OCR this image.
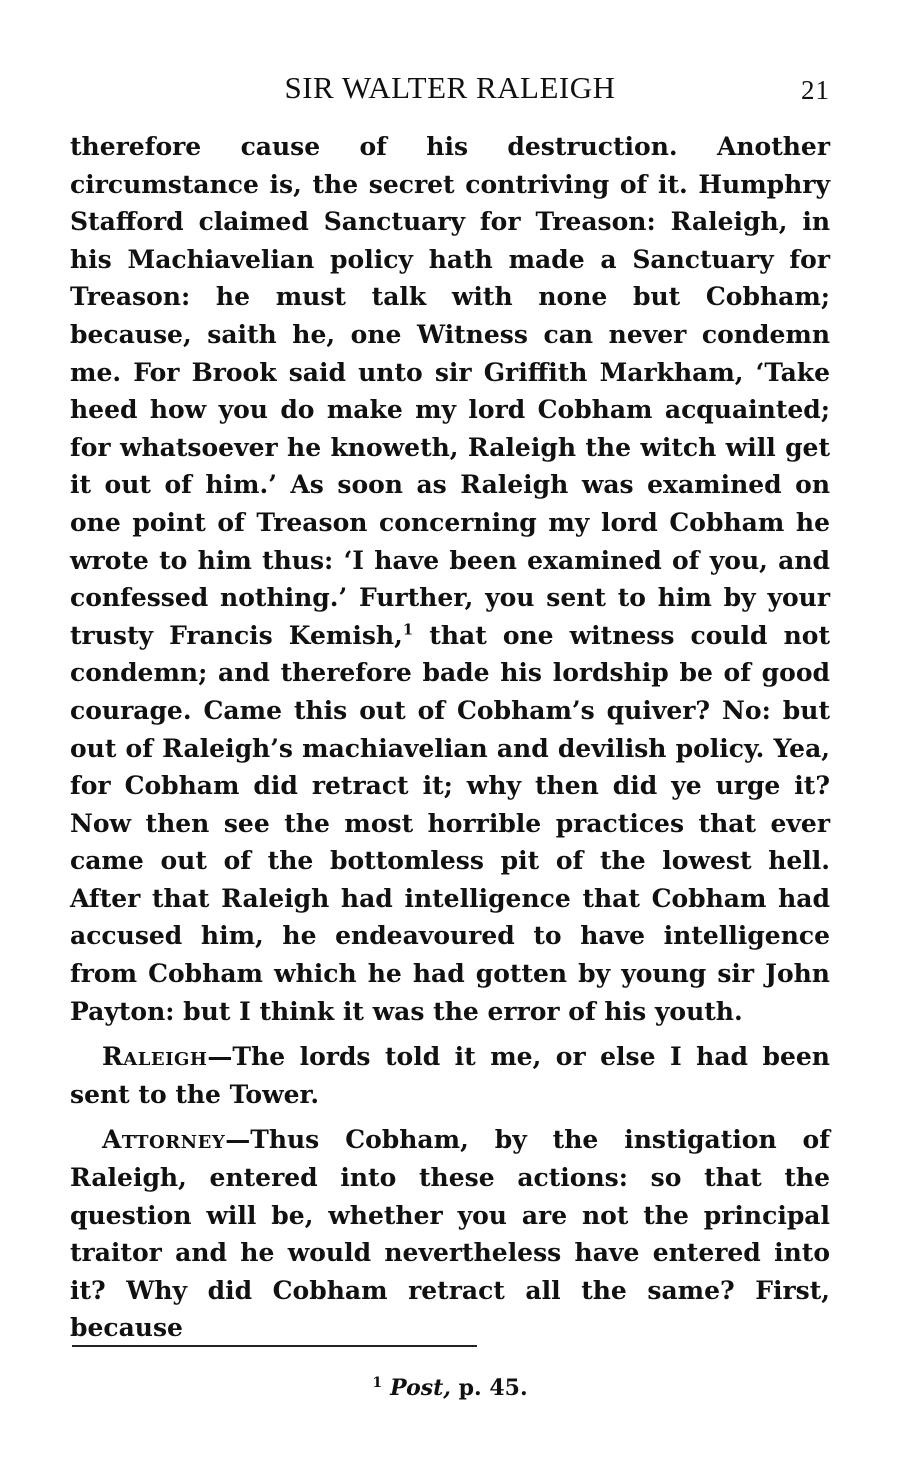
SIR WALTER RALEIGH	21

therefore cause of his destruction. Another circumstance is, the secret contriving of it. Humphry Stafford claimed Sanctuary for Treason: Raleigh, in his Machiavelian policy hath made a Sanctuary for Treason: he must talk with none but Cobham; because, saith he, one Witness can never condemn me. For Brook said unto sir Griffith Markham, ‘Take heed how you do make my lord Cobham acquainted; for whatsoever he knoweth, Raleigh the witch will get it out of him.’ As soon as Raleigh was examined on one point of Treason concerning my lord Cobham he wrote to him thus: ‘I have been examined of you, and confessed nothing.’ Further, you sent to him by your trusty Francis Kemish,$^1$ that one witness could not condemn; and therefore bade his lordship be of good courage. Came this out of Cobham’s quiver? No: but out of Raleigh’s machiavelian and devilish policy. Yea, for Cobham did retract it; why then did ye urge it? Now then see the most horrible practices that ever came out of the bottomless pit of the lowest hell. After that Raleigh had intelligence that Cobham had accused him, he endeavoured to have intelligence from Cobham which he had gotten by young sir John Payton: but I think it was the error of his youth.

Raleigh—The lords told it me, or else I had been sent to the Tower.

Attorney—Thus Cobham, by the instigation of Raleigh, entered into these actions: so that the question will be, whether you are not the principal traitor and he would nevertheless have entered into it? Why did Cobham retract all the same? First, because

$^1$ Post, p. 45.
